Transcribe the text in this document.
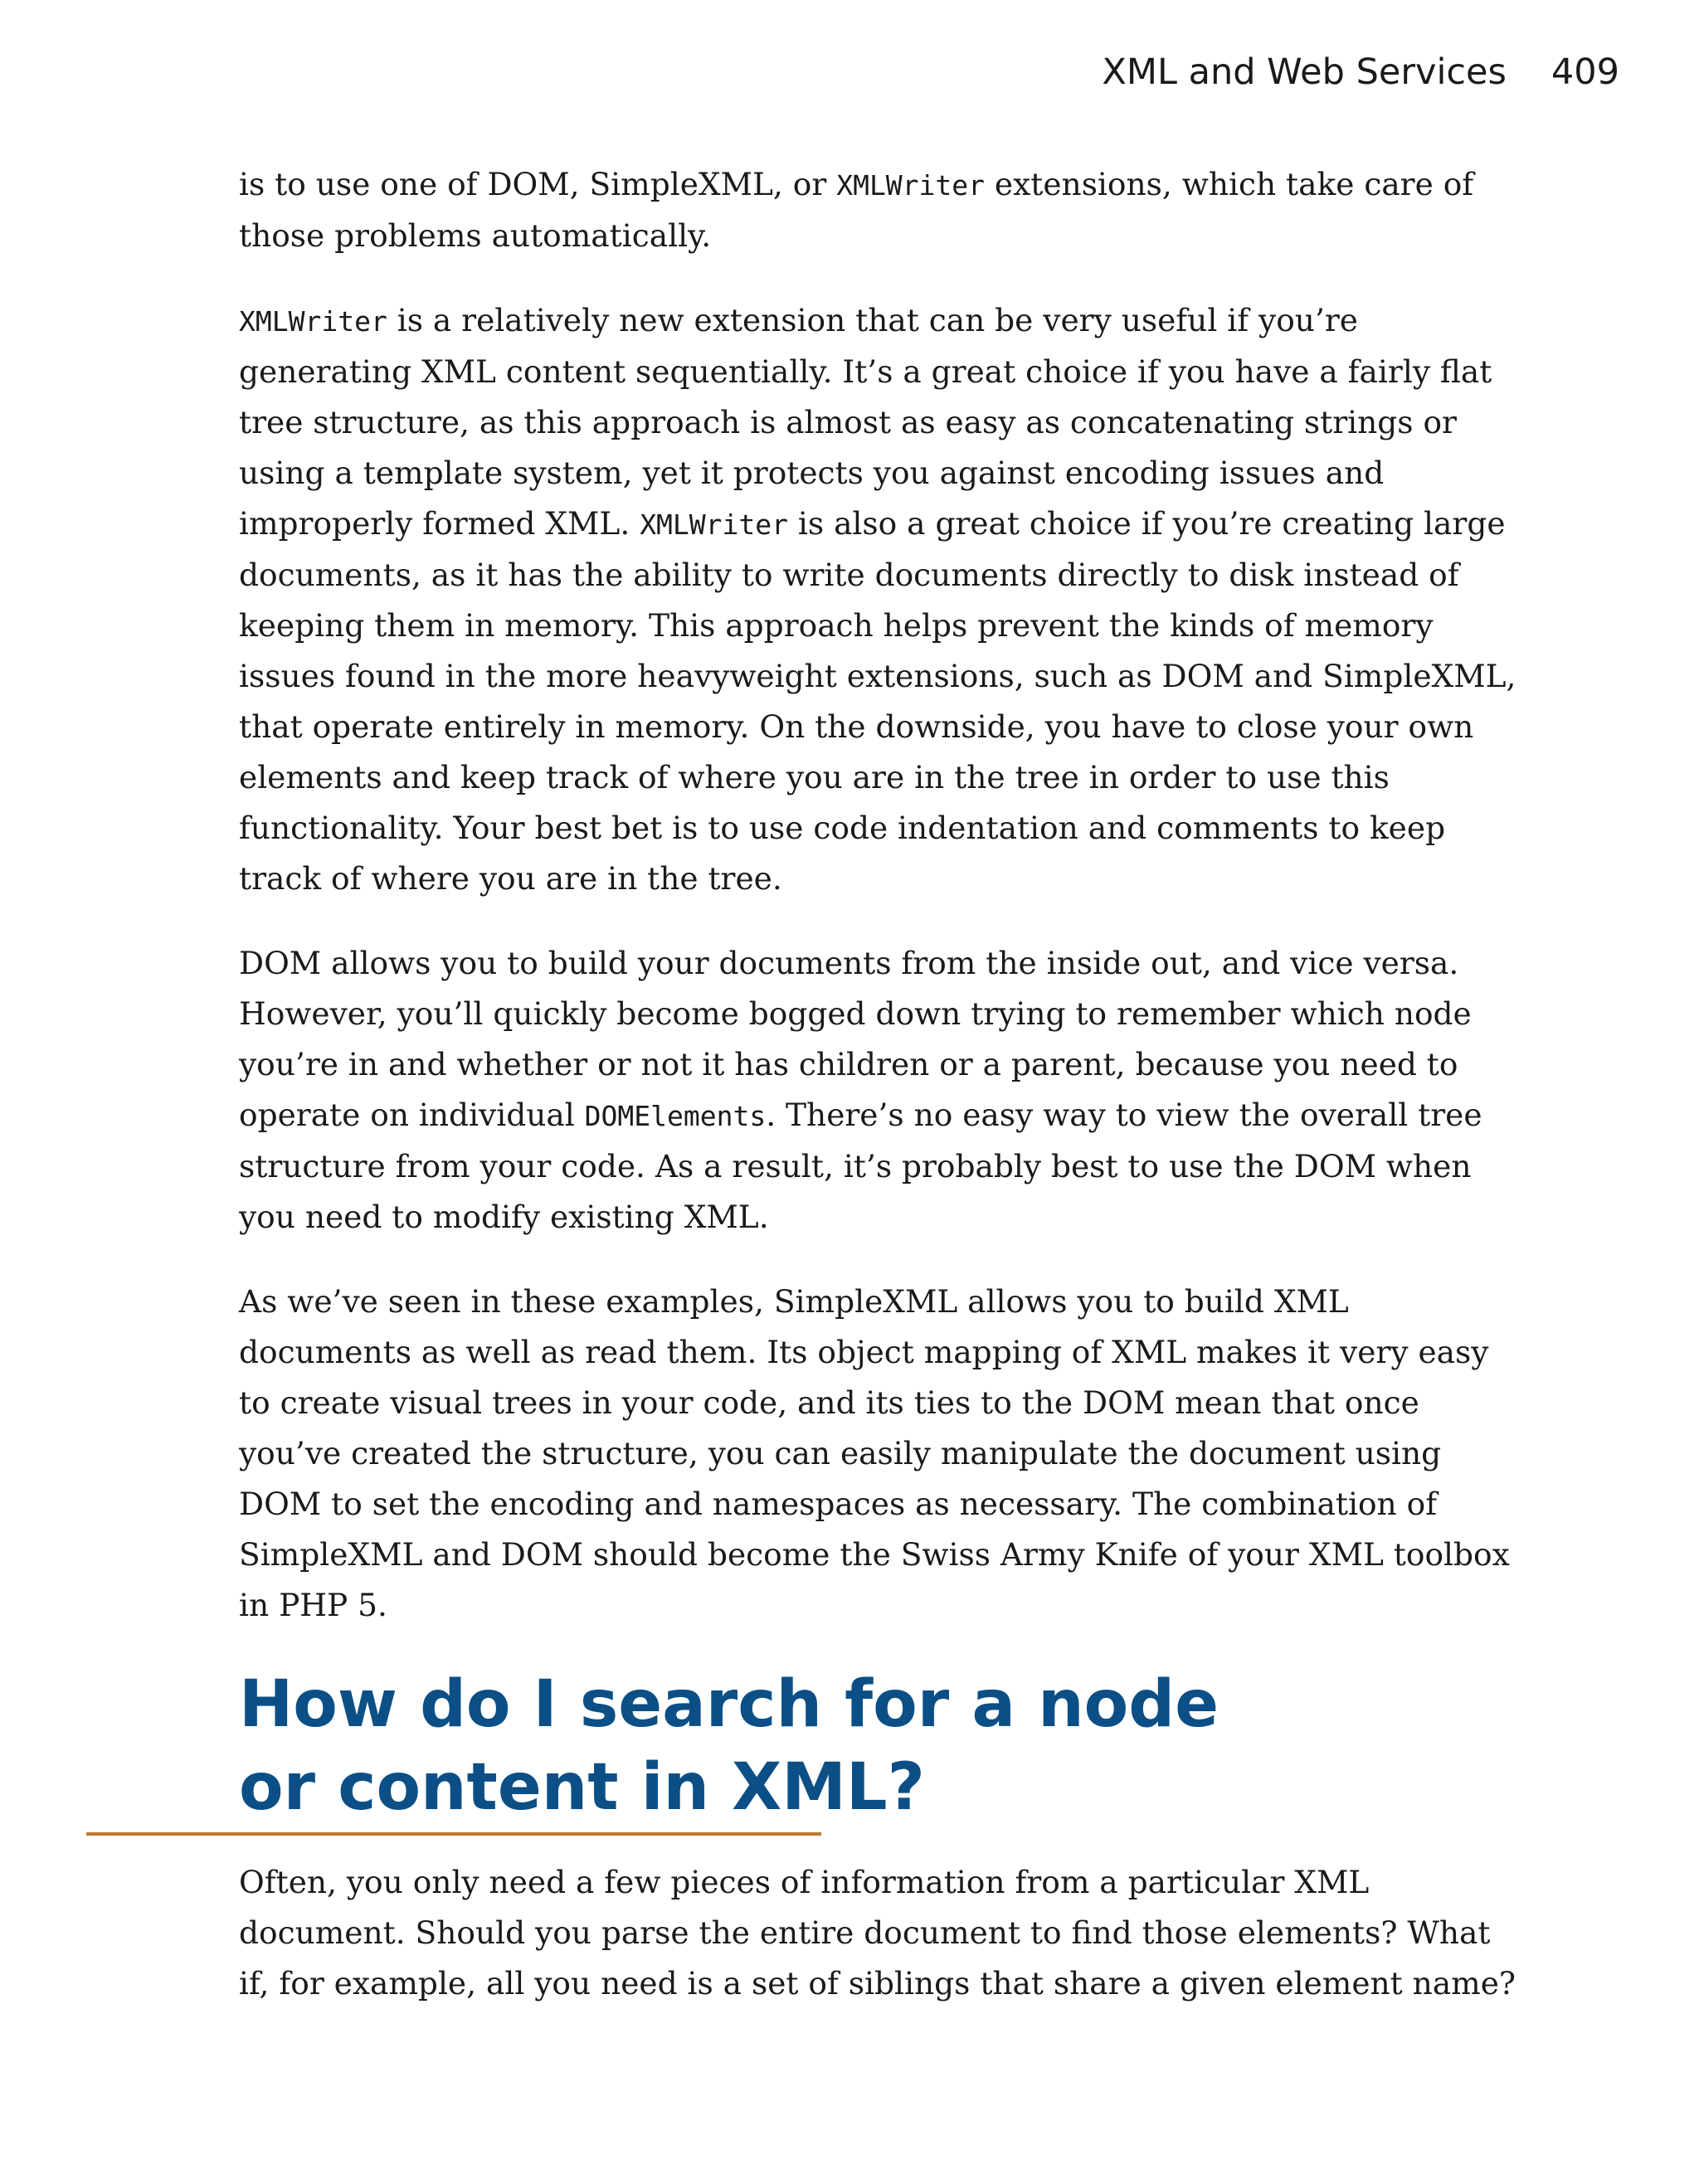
XML and Web Services 409

is to use one of DOM, SimpleXML, or XMLWriter extensions, which take care of those problems automatically.

XMLWriter is a relatively new extension that can be very useful if you’re generating XML content sequentially. It’s a great choice if you have a fairly flat tree structure, as this approach is almost as easy as concatenating strings or using a template system, yet it protects you against encoding issues and improperly formed XML. XMLWriter is also a great choice if you’re creating large documents, as it has the ability to write documents directly to disk instead of keeping them in memory. This approach helps prevent the kinds of memory issues found in the more heavyweight extensions, such as DOM and SimpleXML, that operate entirely in memory. On the downside, you have to close your own elements and keep track of where you are in the tree in order to use this functionality. Your best bet is to use code indentation and comments to keep track of where you are in the tree.

DOM allows you to build your documents from the inside out, and vice versa. However, you’ll quickly become bogged down trying to remember which node you’re in and whether or not it has children or a parent, because you need to operate on individual DOMElements. There’s no easy way to view the overall tree structure from your code. As a result, it’s probably best to use the DOM when you need to modify existing XML.

As we’ve seen in these examples, SimpleXML allows you to build XML documents as well as read them. Its object mapping of XML makes it very easy to create visual trees in your code, and its ties to the DOM mean that once you’ve created the structure, you can easily manipulate the document using DOM to set the encoding and namespaces as necessary. The combination of SimpleXML and DOM should become the Swiss Army Knife of your XML toolbox in PHP 5.

How do I search for a node
or content in XML?

Often, you only need a few pieces of information from a particular XML document. Should you parse the entire document to find those elements? What if, for example, all you need is a set of siblings that share a given element name?
